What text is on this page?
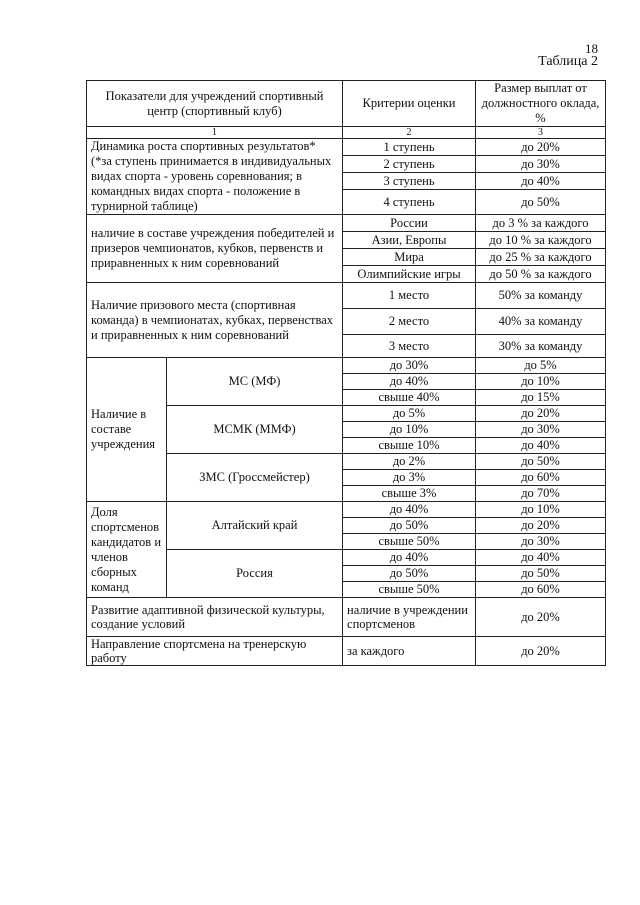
18
Таблица 2
Показатели для учреждений спортивный центр (спортивный клуб)		Критерии оценки	Размер выплат от должностного оклада, %
1		2	3
Динамика роста спортивных результатов* (*за ступень принимается в индивидуальных видах спорта - уровень соревнования; в командных видах спорта - положение в турнирной таблице)		1 ступень	до 20%
		2 ступень	до 30%
		3 ступень	до 40%
		4 ступень	до 50%
наличие в составе учреждения победителей и призеров чемпионатов, кубков, первенств и приравненных к ним соревнований		России	до 3 % за каждого
		Азии, Европы	до 10 % за каждого
		Мира	до 25 % за каждого
		Олимпийские игры	до 50 % за каждого
Наличие призового места (спортивная команда) в чемпионатах, кубках, первенствах и приравненных к ним соревнований		1 место	50% за команду
		2 место	40% за команду
		3 место	30% за команду
Наличие в составе учреждения	МС (МФ)	до 30%	до 5%
		до 40%	до 10%
		свыше 40%	до 15%
	МСМК (ММФ)	до 5%	до 20%
		до 10%	до 30%
		свыше 10%	до 40%
	ЗМС (Гроссмейстер)	до 2%	до 50%
		до 3%	до 60%
		свыше 3%	до 70%
Доля спортсменов кандидатов и членов сборных команд	Алтайский край	до 40%	до 10%
		до 50%	до 20%
		свыше 50%	до 30%
	Россия	до 40%	до 40%
		до 50%	до 50%
		свыше 50%	до 60%
Развитие адаптивной физической культуры, создание условий		наличие в учреждении спортсменов	до 20%
Направление спортсмена на тренерскую работу		за каждого	до 20%
